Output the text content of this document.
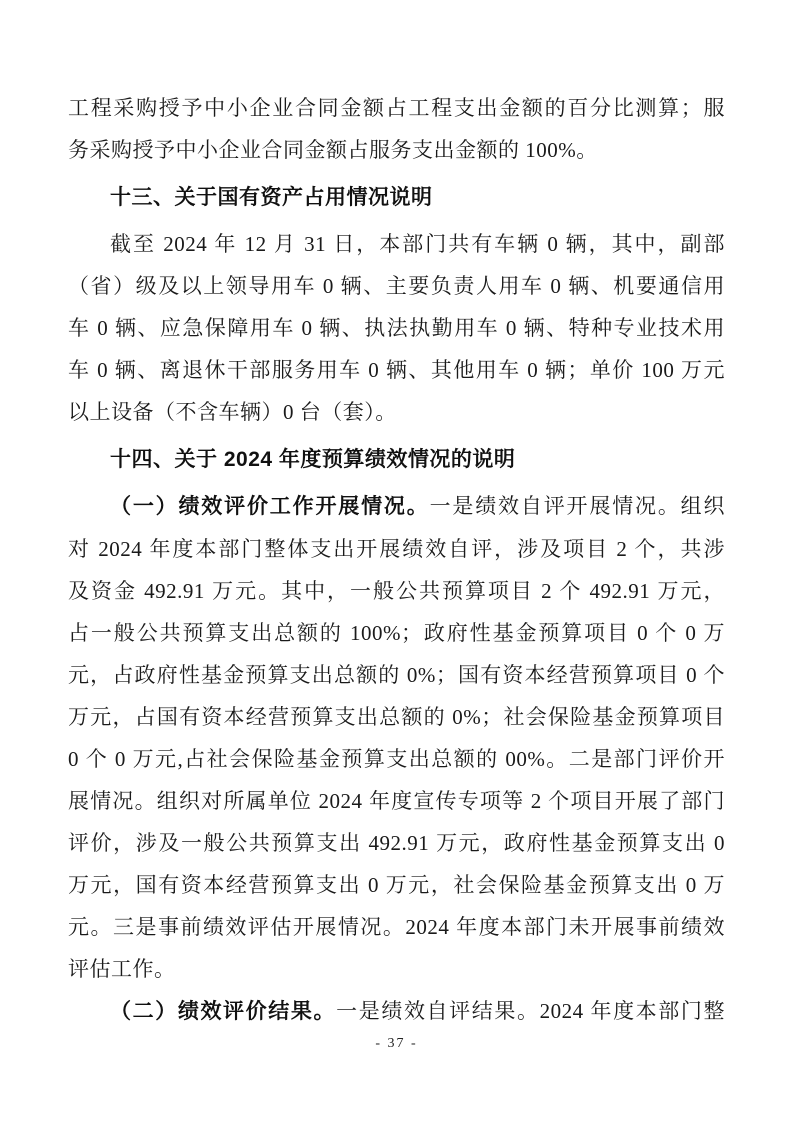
工程采购授予中小企业合同金额占工程支出金额的百分比测算；服
务采购授予中小企业合同金额占服务支出金额的 100%。
十三、关于国有资产占用情况说明
截至 2024 年 12 月 31 日，本部门共有车辆 0 辆，其中，副部
（省）级及以上领导用车 0 辆、主要负责人用车 0 辆、机要通信用
车 0 辆、应急保障用车 0 辆、执法执勤用车 0 辆、特种专业技术用
车 0 辆、离退休干部服务用车 0 辆、其他用车 0 辆；单价 100 万元
以上设备（不含车辆）0 台（套）。
十四、关于 2024 年度预算绩效情况的说明
（一）绩效评价工作开展情况。一是绩效自评开展情况。组织
对 2024 年度本部门整体支出开展绩效自评，涉及项目 2 个，共涉
及资金 492.91 万元。其中，一般公共预算项目 2 个 492.91 万元，
占一般公共预算支出总额的 100%；政府性基金预算项目 0 个 0 万
元，占政府性基金预算支出总额的 0%；国有资本经营预算项目 0 个
万元，占国有资本经营预算支出总额的 0%；社会保险基金预算项目
0 个 0 万元,占社会保险基金预算支出总额的 00%。二是部门评价开
展情况。组织对所属单位 2024 年度宣传专项等 2 个项目开展了部门
评价，涉及一般公共预算支出 492.91 万元，政府性基金预算支出 0
万元，国有资本经营预算支出 0 万元，社会保险基金预算支出 0 万
元。三是事前绩效评估开展情况。2024 年度本部门未开展事前绩效
评估工作。
（二）绩效评价结果。一是绩效自评结果。2024 年度本部门整
- 37 -
